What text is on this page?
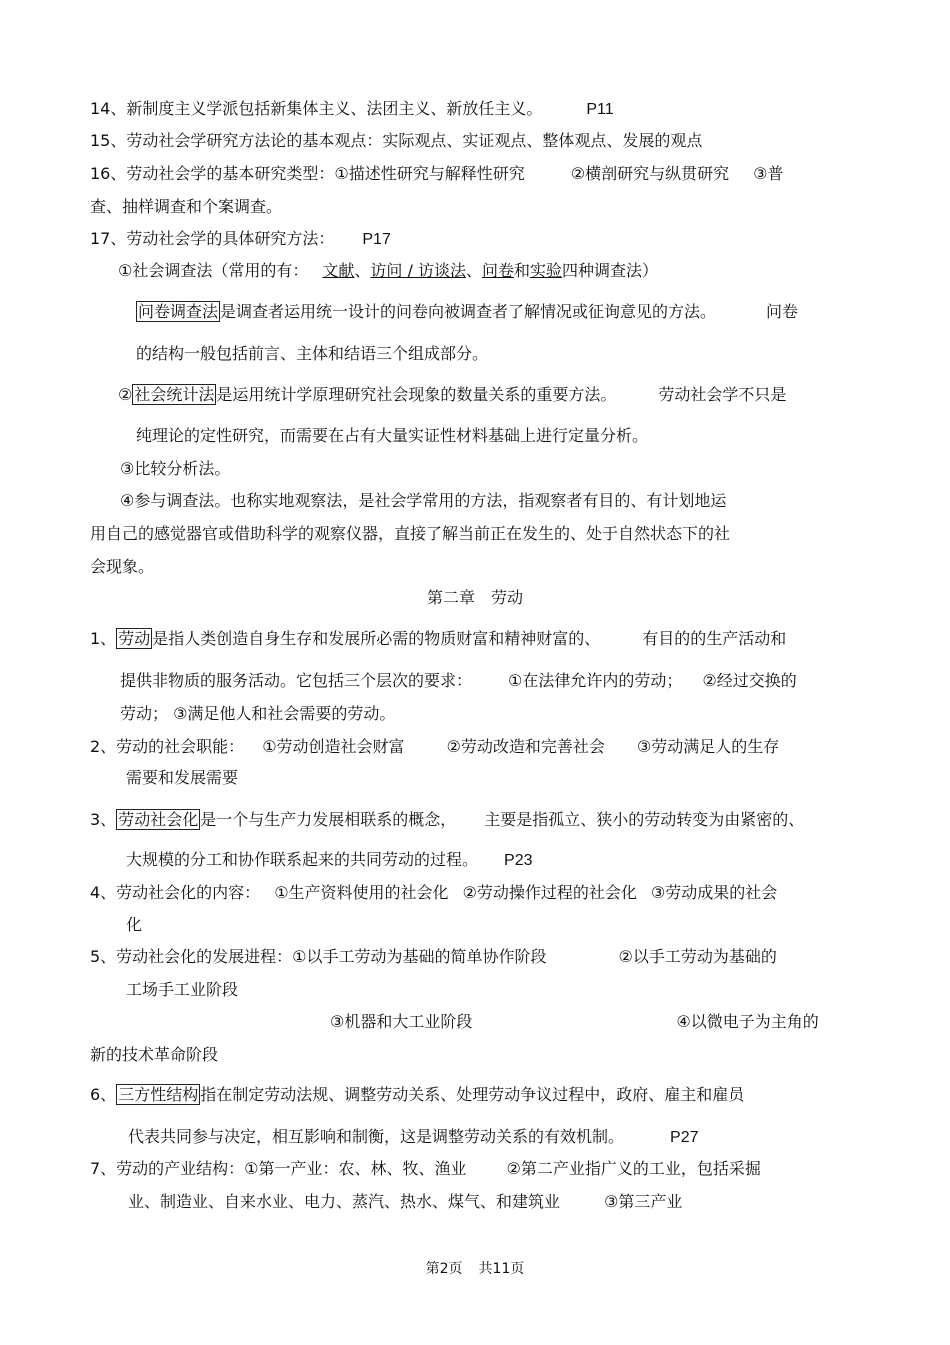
14、新制度主义学派包括新集体主义、法团主义、新放任主义。	P11
15、劳动社会学研究方法论的基本观点：实际观点、实证观点、整体观点、发展的观点
16、劳动社会学的基本研究类型：①描述性研究与解释性研究	②横剖研究与纵贯研究 ③普
查、抽样调查和个案调查。
17、劳动社会学的具体研究方法： P17
①社会调查法（常用的有： 文献、访问 / 访谈法、问卷和实验四种调查法）
问卷调查法 是调查者运用统一设计的问卷向被调查者了解情况或征询意见的方法。	问卷
的结构一般包括前言、主体和结语三个组成部分。
② 社会统计法 是运用统计学原理研究社会现象的数量关系的重要方法。	劳动社会学不只是
纯理论的定性研究，而需要在占有大量实证性材料基础上进行定量分析。
③比较分析法。
④参与调查法。也称实地观察法，是社会学常用的方法，指观察者有目的、有计划地运
用自己的感觉器官或借助科学的观察仪器，直接了解当前正在发生的、处于自然状态下的社
会现象。
第二章　劳动
1、 劳动 是指人类创造自身生存和发展所必需的物质财富和精神财富的、	有目的的生产活动和
提供非物质的服务活动。它包括三个层次的要求： ①在法律允许内的劳动； ②经过交换的
劳动； ③满足他人和社会需要的劳动。
2、劳动的社会职能： ①劳动创造社会财富	②劳动改造和完善社会 ③劳动满足人的生存
需要和发展需要
3、 劳动社会化 是一个与生产力发展相联系的概念， 主要是指孤立、狭小的劳动转变为由紧密的、
大规模的分工和协作联系起来的共同劳动的过程。 P23
4、劳动社会化的内容： ①生产资料使用的社会化 ②劳动操作过程的社会化 ③劳动成果的社会
化
5、劳动社会化的发展进程：①以手工劳动为基础的简单协作阶段	②以手工劳动为基础的
工场手工业阶段
③机器和大工业阶段	④以微电子为主角的
新的技术革命阶段
6、 三方性结构 指在制定劳动法规、调整劳动关系、处理劳动争议过程中，政府、雇主和雇员
代表共同参与决定，相互影响和制衡，这是调整劳动关系的有效机制。	P27
7、劳动的产业结构：①第一产业：农、林、牧、渔业	②第二产业指广义的工业，包括采掘
业、制造业、自来水业、电力、蒸汽、热水、煤气、和建筑业	③第三产业
第2页 共11页
